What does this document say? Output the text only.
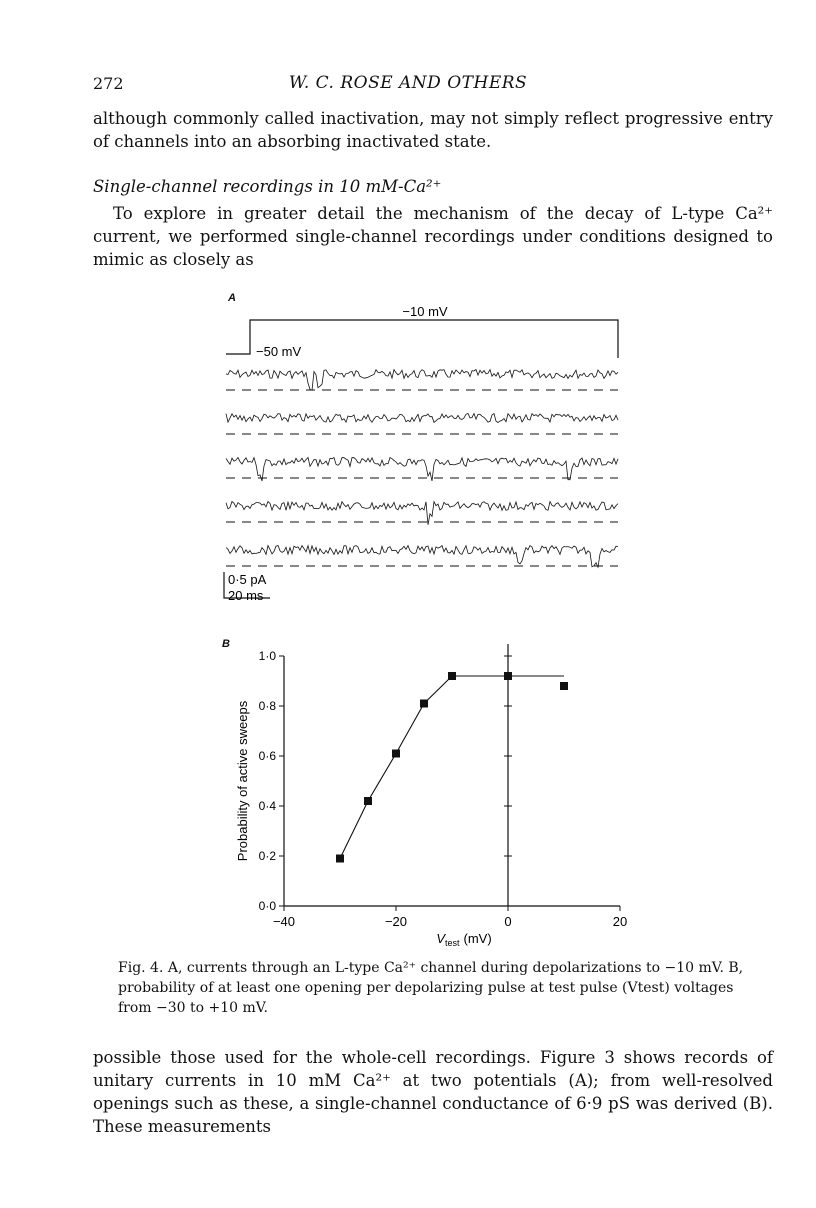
272	W. C. ROSE AND OTHERS
although commonly called inactivation, may not simply reflect progressive entry of channels into an absorbing inactivated state.
Single-channel recordings in 10 mM-Ca²⁺
To explore in greater detail the mechanism of the decay of L-type Ca²⁺ current, we performed single-channel recordings under conditions designed to mimic as closely as
A
−10 mV
−50 mV
0·5 pA
20 ms
B
0·0
0·2
0·4
0·6
0·8
1·0
−40	−20	0	20
Probability of active sweeps
$V_{test}$ (mV)
Fig. 4. A, currents through an L-type Ca²⁺ channel during depolarizations to −10 mV. B, probability of at least one opening per depolarizing pulse at test pulse (Vtest) voltages from −30 to +10 mV.
possible those used for the whole-cell recordings. Figure 3 shows records of unitary currents in 10 mM Ca²⁺ at two potentials (A); from well-resolved openings such as these, a single-channel conductance of 6·9 pS was derived (B). These measurements
